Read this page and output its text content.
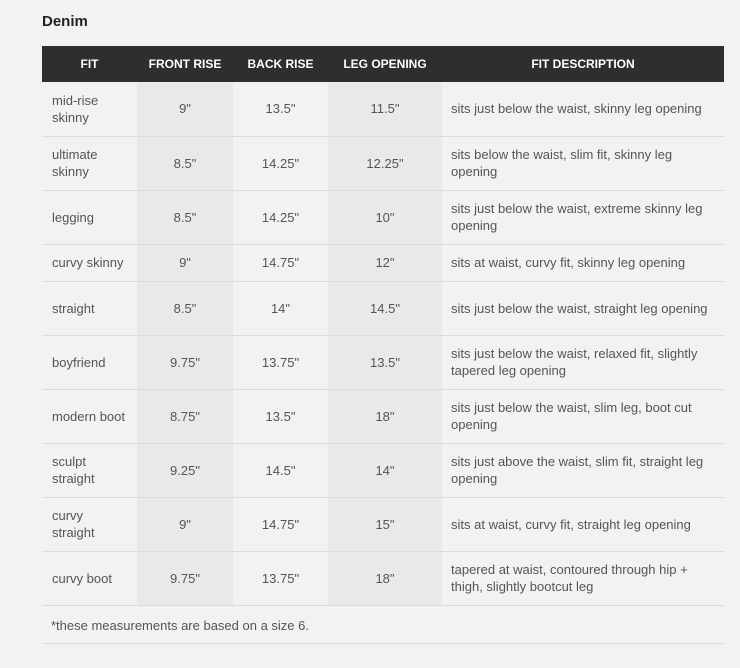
Denim
FIT	FRONT RISE	BACK RISE	LEG OPENING	FIT DESCRIPTION
mid-rise skinny	9"	13.5"	11.5"	sits just below the waist, skinny leg opening
ultimate skinny	8.5"	14.25"	12.25"	sits below the waist, slim fit, skinny leg opening
legging	8.5"	14.25"	10"	sits just below the waist, extreme skinny leg opening
curvy skinny	9"	14.75"	12"	sits at waist, curvy fit, skinny leg opening
straight	8.5"	14"	14.5"	sits just below the waist, straight leg opening
boyfriend	9.75"	13.75"	13.5"	sits just below the waist, relaxed fit, slightly tapered leg opening
modern boot	8.75"	13.5"	18"	sits just below the waist, slim leg, boot cut opening
sculpt straight	9.25"	14.5"	14"	sits just above the waist, slim fit, straight leg opening
curvy straight	9"	14.75"	15"	sits at waist, curvy fit, straight leg opening
curvy boot	9.75"	13.75"	18"	tapered at waist, contoured through hip + thigh, slightly bootcut leg
*these measurements are based on a size 6.
